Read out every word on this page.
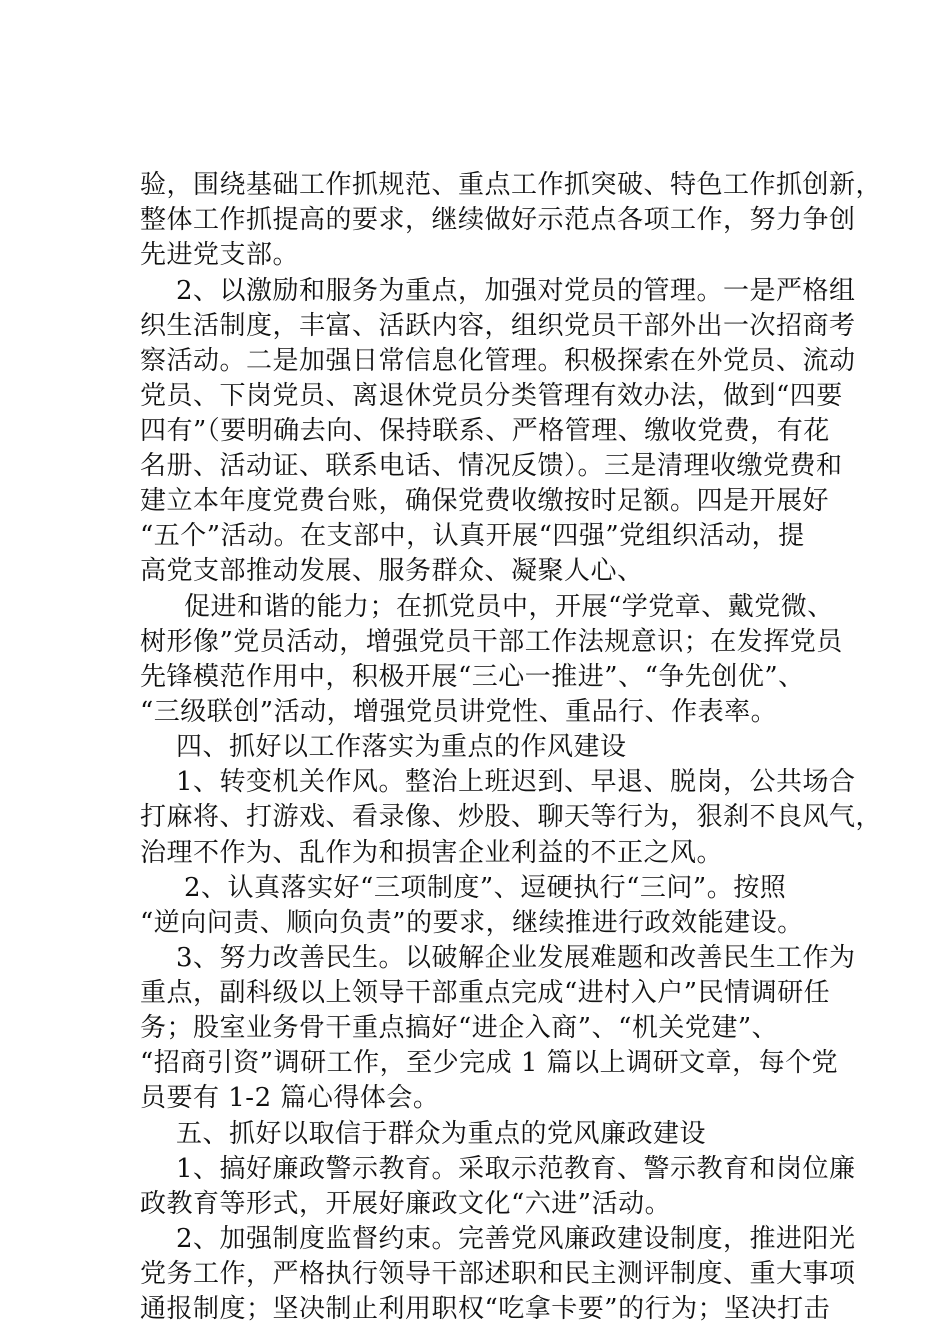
验，围绕基础工作抓规范、重点工作抓突破、特色工作抓创新，
整体工作抓提高的要求，继续做好示范点各项工作，努力争创
先进党支部。
2、以激励和服务为重点，加强对党员的管理。一是严格组
织生活制度，丰富、活跃内容，组织党员干部外出一次招商考
察活动。二是加强日常信息化管理。积极探索在外党员、流动
党员、下岗党员、离退休党员分类管理有效办法，做到“四要
四有”（要明确去向、保持联系、严格管理、缴收党费，有花
名册、活动证、联系电话、情况反馈）。三是清理收缴党费和
建立本年度党费台账，确保党费收缴按时足额。四是开展好
“五个”活动。在支部中，认真开展“四强”党组织活动，提
高党支部推动发展、服务群众、凝聚人心、
促进和谐的能力；在抓党员中，开展“学党章、戴党微、
树形像”党员活动，增强党员干部工作法规意识；在发挥党员
先锋模范作用中，积极开展“三心一推进”、“争先创优”、
“三级联创”活动，增强党员讲党性、重品行、作表率。
四、抓好以工作落实为重点的作风建设
1、转变机关作风。整治上班迟到、早退、脱岗，公共场合
打麻将、打游戏、看录像、炒股、聊天等行为，狠刹不良风气，
治理不作为、乱作为和损害企业利益的不正之风。
2、认真落实好“三项制度”、逗硬执行“三问”。按照
“逆向问责、顺向负责”的要求，继续推进行政效能建设。
3、努力改善民生。以破解企业发展难题和改善民生工作为
重点，副科级以上领导干部重点完成“进村入户”民情调研任
务；股室业务骨干重点搞好“进企入商”、“机关党建”、
“招商引资”调研工作，至少完成 1 篇以上调研文章，每个党
员要有 1-2 篇心得体会。
五、抓好以取信于群众为重点的党风廉政建设
1、搞好廉政警示教育。采取示范教育、警示教育和岗位廉
政教育等形式，开展好廉政文化“六进”活动。
2、加强制度监督约束。完善党风廉政建设制度，推进阳光
党务工作，严格执行领导干部述职和民主测评制度、重大事项
通报制度；坚决制止利用职权“吃拿卡要”的行为；坚决打击
